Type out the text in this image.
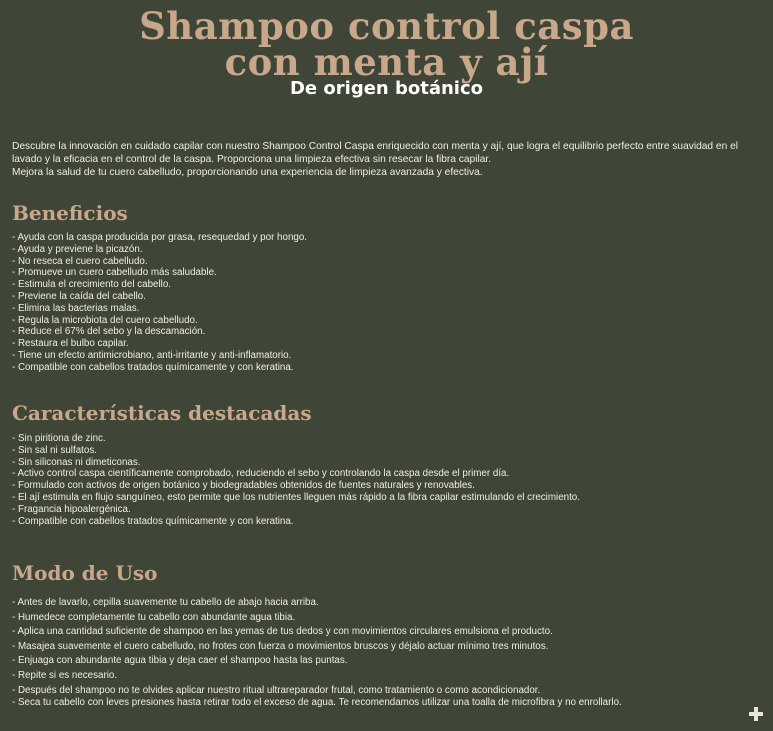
Shampoo control caspa
con menta y ají
De origen botánico

Descubre la innovación en cuidado capilar con nuestro Shampoo Control Caspa enriquecido con menta y ají, que logra el equilibrio perfecto entre suavidad en el lavado y la eficacia en el control de la caspa. Proporciona una limpieza efectiva sin resecar la fibra capilar.

Mejora la salud de tu cuero cabelludo, proporcionando una experiencia de limpieza avanzada y efectiva.

Beneficios
- Ayuda con la caspa producida por grasa, resequedad y por hongo.
- Ayuda y previene la picazón.
- No reseca el cuero cabelludo.
- Promueve un cuero cabelludo más saludable.
- Estimula el crecimiento del cabello.
- Previene la caída del cabello.
- Elimina las bacterias malas.
- Regula la microbiota del cuero cabelludo.
- Reduce el 67% del sebo y la descamación.
- Restaura el bulbo capilar.
- Tiene un efecto antimicrobiano, anti-irritante y anti-inflamatorio.
- Compatible con cabellos tratados químicamente y con keratina.
Características destacadas
- Sin piritiona de zinc.
- Sin sal ni sulfatos.
- Sin siliconas ni dimeticonas.
- Activo control caspa científicamente comprobado, reduciendo el sebo y controlando la caspa desde el primer día.
- Formulado con activos de origen botánico y biodegradables obtenidos de fuentes naturales y renovables.
- El ají estimula en flujo sanguíneo, esto permite que los nutrientes lleguen más rápido a la fibra capilar estimulando el crecimiento.
- Fragancia hipoalergénica.
- Compatible con cabellos tratados químicamente y con keratina.
Modo de Uso
- Antes de lavarlo, cepilla suavemente tu cabello de abajo hacia arriba.
- Humedece completamente tu cabello con abundante agua tibia.
- Aplica una cantidad suficiente de shampoo en las yemas de tus dedos y con movimientos circulares emulsiona el producto.
- Masajea suavemente el cuero cabelludo, no frotes con fuerza o movimientos bruscos y déjalo actuar mínimo tres minutos.
- Enjuaga con abundante agua tibia y deja caer el shampoo hasta las puntas.
- Repite si es necesario.
- Después del shampoo no te olvides aplicar nuestro ritual ultrareparador frutal, como tratamiento o como acondicionador.
- Seca tu cabello con leves presiones hasta retirar todo el exceso de agua. Te recomendamos utilizar una toalla de microfibra y no enrollarlo.
